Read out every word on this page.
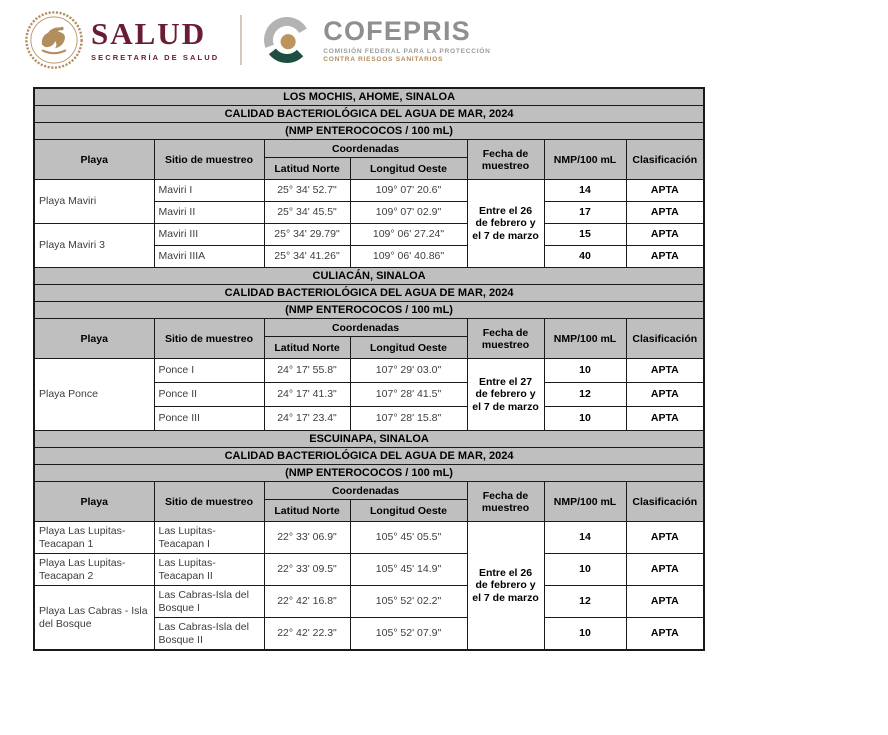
SALUD
SECRETARÍA DE SALUD
COFEPRIS
COMISIÓN FEDERAL PARA LA PROTECCIÓN
CONTRA RIESGOS SANITARIOS
LOS MOCHIS, AHOME, SINALOA						
CALIDAD BACTERIOLÓGICA DEL AGUA DE MAR, 2024						
(NMP ENTEROCOCOS / 100 mL)						
Playa	Sitio de muestreo	Coordenadas		Fecha de muestreo	NMP/100 mL	Clasificación
		Latitud Norte	Longitud Oeste			
Playa Maviri	Maviri I	25° 34' 52.7"	109° 07' 20.6"	Entre el 26 de febrero y el 7 de marzo	14	APTA
	Maviri II	25° 34' 45.5"	109° 07' 02.9"		17	APTA
Playa Maviri 3	Maviri III	25° 34' 29.79"	109° 06' 27.24"		15	APTA
	Maviri IIIA	25° 34' 41.26"	109° 06' 40.86"		40	APTA
CULIACÁN, SINALOA						
CALIDAD BACTERIOLÓGICA DEL AGUA DE MAR, 2024						
(NMP ENTEROCOCOS / 100 mL)						
Playa	Sitio de muestreo	Coordenadas		Fecha de muestreo	NMP/100 mL	Clasificación
		Latitud Norte	Longitud Oeste			
Playa Ponce	Ponce I	24° 17' 55.8"	107° 29' 03.0"	Entre el 27 de febrero y el 7 de marzo	10	APTA
	Ponce II	24° 17' 41.3"	107° 28' 41.5"		12	APTA
	Ponce III	24° 17' 23.4"	107° 28' 15.8"		10	APTA
ESCUINAPA, SINALOA						
CALIDAD BACTERIOLÓGICA DEL AGUA DE MAR, 2024						
(NMP ENTEROCOCOS / 100 mL)						
Playa	Sitio de muestreo	Coordenadas		Fecha de muestreo	NMP/100 mL	Clasificación
		Latitud Norte	Longitud Oeste			
Playa Las Lupitas-Teacapan 1	Las Lupitas-Teacapan I	22° 33' 06.9"	105° 45' 05.5"	Entre el 26 de febrero y el 7 de marzo	14	APTA
Playa Las Lupitas-Teacapan 2	Las Lupitas-Teacapan II	22° 33' 09.5"	105° 45' 14.9"		10	APTA
Playa Las Cabras - Isla del Bosque	Las Cabras-Isla del Bosque I	22° 42' 16.8"	105° 52' 02.2"		12	APTA
	Las Cabras-Isla del Bosque II	22° 42' 22.3"	105° 52' 07.9"		10	APTA
